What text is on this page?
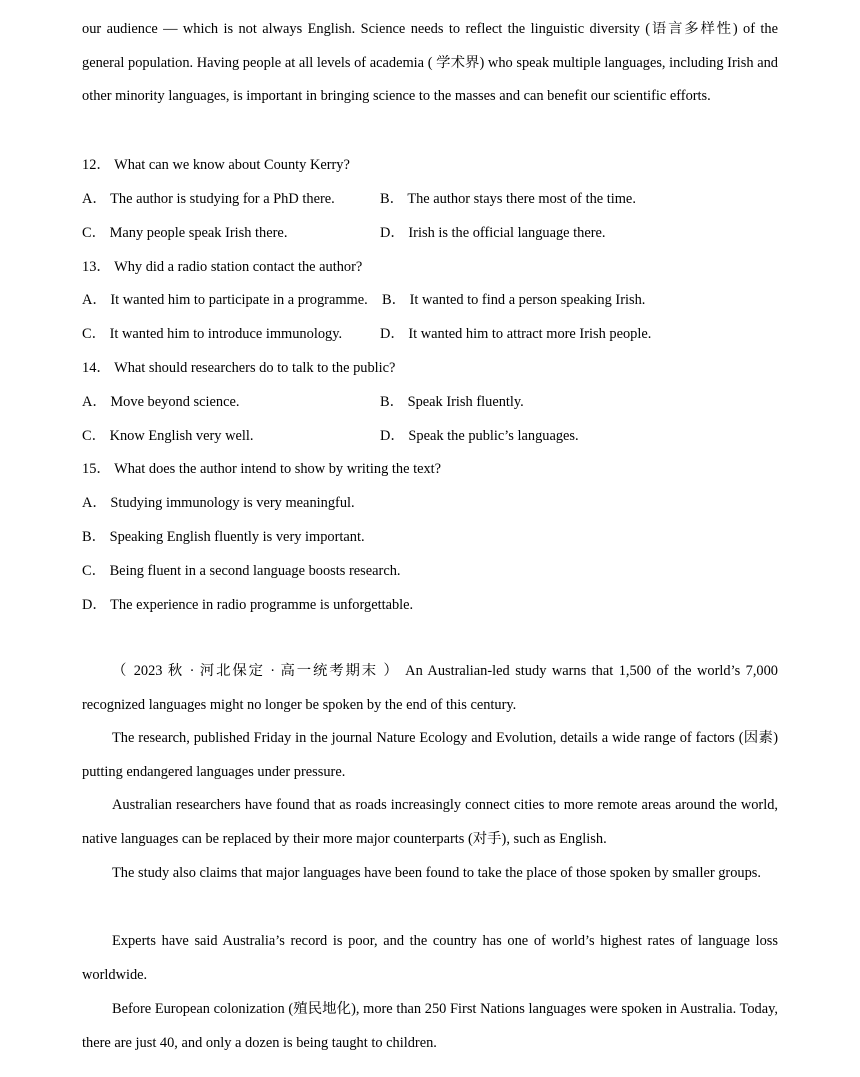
our audience — which is not always English. Science needs to reflect the linguistic diversity (语言多样性) of the general population. Having people at all levels of academia ( 学术界) who speak multiple languages, including Irish and other minority languages, is important in bringing science to the masses and can benefit our scientific efforts.
12． What can we know about County Kerry?
A． The author is studying for a PhD there.	B． The author stays there most of the time.
C． Many people speak Irish there.	D． Irish is the official language there.
13． Why did a radio station contact the author?
A． It wanted him to participate in a programme. B． It wanted to find a person speaking Irish.
C． It wanted him to introduce immunology.	D． It wanted him to attract more Irish people.
14． What should researchers do to talk to the public?
A． Move beyond science.	B． Speak Irish fluently.
C． Know English very well.	D． Speak the public’s languages.
15． What does the author intend to show by writing the text?
A． Studying immunology is very meaningful.
B． Speaking English fluently is very important.
C． Being fluent in a second language boosts research.
D． The experience in radio programme is unforgettable.
（ 2023 秋 · 河北保定 · 高一统考期末 ） An Australian-led study warns that 1,500 of the world’s 7,000 recognized languages might no longer be spoken by the end of this century.
The research, published Friday in the journal Nature Ecology and Evolution, details a wide range of factors (因素) putting endangered languages under pressure.
Australian researchers have found that as roads increasingly connect cities to more remote areas around the world, native languages can be replaced by their more major counterparts (对手), such as English.
The study also claims that major languages have been found to take the place of those spoken by smaller groups.
Experts have said Australia’s record is poor, and the country has one of world’s highest rates of language loss worldwide.
Before European colonization (殖民地化), more than 250 First Nations languages were spoken in Australia. Today, there are just 40, and only a dozen is being taught to children.
